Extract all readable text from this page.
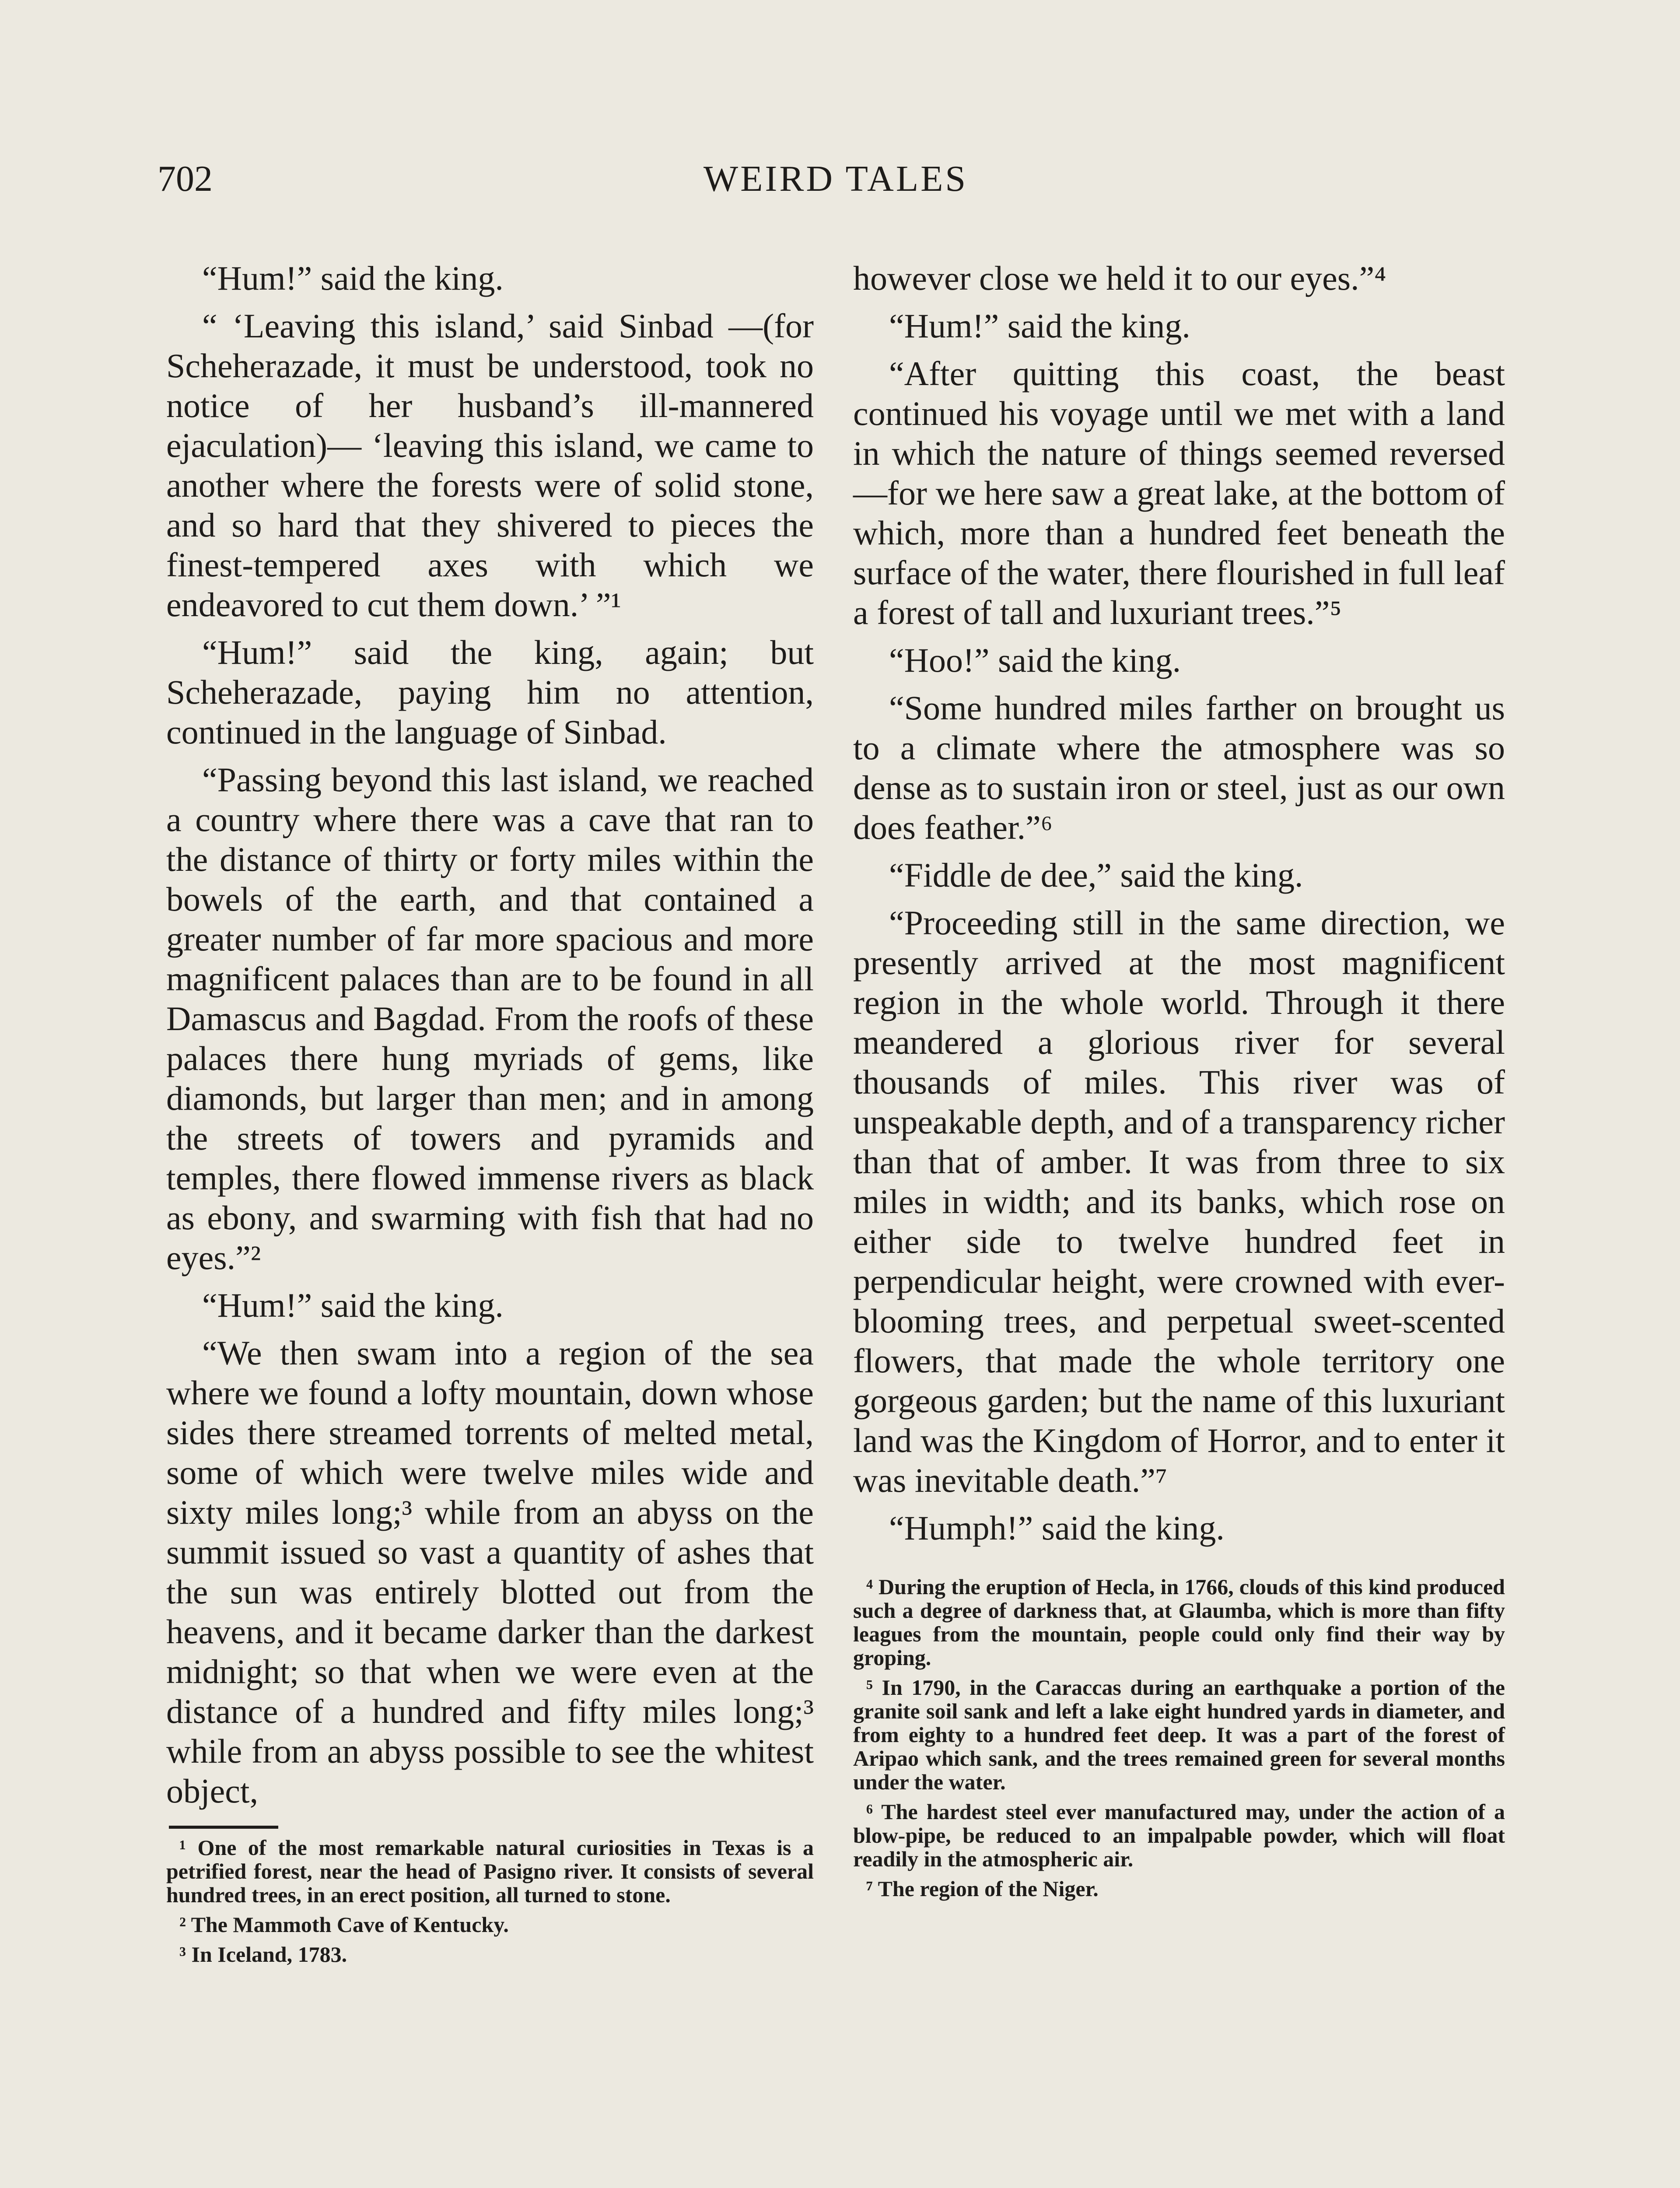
702	WEIRD TALES

“Hum!” said the king.

“ ‘Leaving this island,’ said Sinbad —(for Scheherazade, it must be understood, took no notice of her husband’s ill-mannered ejaculation)— ‘leaving this island, we came to another where the forests were of solid stone, and so hard that they shivered to pieces the finest-tempered axes with which we endeavored to cut them down.’ ”¹

“Hum!” said the king, again; but Scheherazade, paying him no attention, continued in the language of Sinbad.

“Passing beyond this last island, we reached a country where there was a cave that ran to the distance of thirty or forty miles within the bowels of the earth, and that contained a greater number of far more spacious and more magnificent palaces than are to be found in all Damascus and Bagdad. From the roofs of these palaces there hung myriads of gems, like diamonds, but larger than men; and in among the streets of towers and pyramids and temples, there flowed immense rivers as black as ebony, and swarming with fish that had no eyes.”²

“Hum!” said the king.

“We then swam into a region of the sea where we found a lofty mountain, down whose sides there streamed torrents of melted metal, some of which were twelve miles wide and sixty miles long;³ while from an abyss on the summit issued so vast a quantity of ashes that the sun was entirely blotted out from the heavens, and it became darker than the darkest midnight; so that when we were even at the distance of a hundred and fifty miles long;³ while from an abyss possible to see the whitest object,

¹ One of the most remarkable natural curiosities in Texas is a petrified forest, near the head of Pasigno river. It consists of several hundred trees, in an erect position, all turned to stone.

² The Mammoth Cave of Kentucky.

³ In Iceland, 1783.

however close we held it to our eyes.”⁴

“Hum!” said the king.

“After quitting this coast, the beast continued his voyage until we met with a land in which the nature of things seemed reversed—for we here saw a great lake, at the bottom of which, more than a hundred feet beneath the surface of the water, there flourished in full leaf a forest of tall and luxuriant trees.”⁵

“Hoo!” said the king.

“Some hundred miles farther on brought us to a climate where the atmosphere was so dense as to sustain iron or steel, just as our own does feather.”⁶

“Fiddle de dee,” said the king.

“Proceeding still in the same direction, we presently arrived at the most magnificent region in the whole world. Through it there meandered a glorious river for several thousands of miles. This river was of unspeakable depth, and of a transparency richer than that of amber. It was from three to six miles in width; and its banks, which rose on either side to twelve hundred feet in perpendicular height, were crowned with ever-blooming trees, and perpetual sweet-scented flowers, that made the whole territory one gorgeous garden; but the name of this luxuriant land was the Kingdom of Horror, and to enter it was inevitable death.”⁷

“Humph!” said the king.

⁴ During the eruption of Hecla, in 1766, clouds of this kind produced such a degree of darkness that, at Glaumba, which is more than fifty leagues from the mountain, people could only find their way by groping.

⁵ In 1790, in the Caraccas during an earthquake a portion of the granite soil sank and left a lake eight hundred yards in diameter, and from eighty to a hundred feet deep. It was a part of the forest of Aripao which sank, and the trees remained green for several months under the water.

⁶ The hardest steel ever manufactured may, under the action of a blow-pipe, be reduced to an impalpable powder, which will float readily in the atmospheric air.

⁷ The region of the Niger.
